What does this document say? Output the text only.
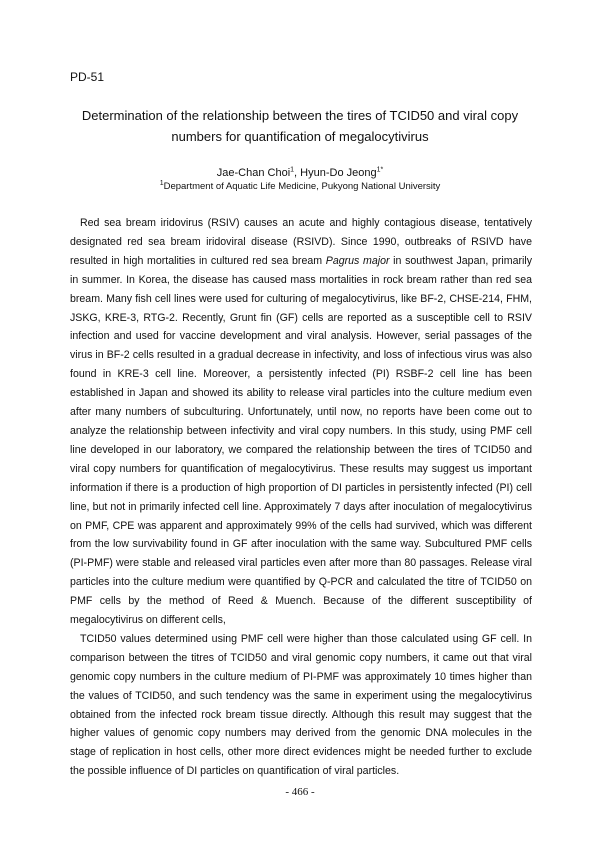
PD-51
Determination of the relationship between the tires of TCID50 and viral copy numbers for quantification of megalocytivirus
Jae-Chan Choi$^1$, Hyun-Do Jeong$^{1*}$
$^1$Department of Aquatic Life Medicine, Pukyong National University

Red sea bream iridovirus (RSIV) causes an acute and highly contagious disease, tentatively designated red sea bream iridoviral disease (RSIVD). Since 1990, outbreaks of RSIVD have resulted in high mortalities in cultured red sea bream Pagrus major in southwest Japan, primarily in summer. In Korea, the disease has caused mass mortalities in rock bream rather than red sea bream. Many fish cell lines were used for culturing of megalocytivirus, like BF-2, CHSE-214, FHM, JSKG, KRE-3, RTG-2. Recently, Grunt fin (GF) cells are reported as a susceptible cell to RSIV infection and used for vaccine development and viral analysis. However, serial passages of the virus in BF-2 cells resulted in a gradual decrease in infectivity, and loss of infectious virus was also found in KRE-3 cell line. Moreover, a persistently infected (PI) RSBF-2 cell line has been established in Japan and showed its ability to release viral particles into the culture medium even after many numbers of subculturing. Unfortunately, until now, no reports have been come out to analyze the relationship between infectivity and viral copy numbers. In this study, using PMF cell line developed in our laboratory, we compared the relationship between the tires of TCID50 and viral copy numbers for quantification of megalocytivirus. These results may suggest us important information if there is a production of high proportion of DI particles in persistently infected (PI) cell line, but not in primarily infected cell line. Approximately 7 days after inoculation of megalocytivirus on PMF, CPE was apparent and approximately 99% of the cells had survived, which was different from the low survivability found in GF after inoculation with the same way. Subcultured PMF cells (PI-PMF) were stable and released viral particles even after more than 80 passages. Release viral particles into the culture medium were quantified by Q-PCR and calculated the titre of TCID50 on PMF cells by the method of Reed & Muench. Because of the different susceptibility of megalocytivirus on different cells,

TCID50 values determined using PMF cell were higher than those calculated using GF cell. In comparison between the titres of TCID50 and viral genomic copy numbers, it came out that viral genomic copy numbers in the culture medium of PI-PMF was approximately 10 times higher than the values of TCID50, and such tendency was the same in experiment using the megalocytivirus obtained from the infected rock bream tissue directly. Although this result may suggest that the higher values of genomic copy numbers may derived from the genomic DNA molecules in the stage of replication in host cells, other more direct evidences might be needed further to exclude the possible influence of DI particles on quantification of viral particles.

- 466 -
